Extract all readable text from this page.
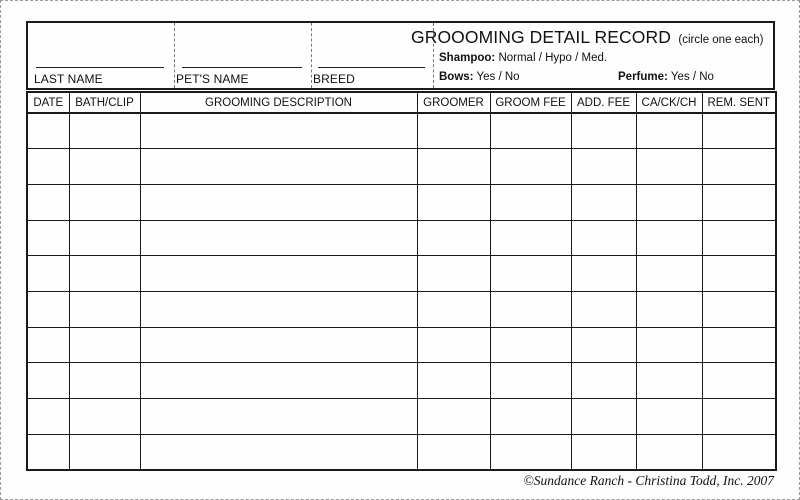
LAST NAME	PET'S NAME	BREED
GROOOMING DETAIL RECORD (circle one each)
Shampoo: Normal / Hypo / Med.
Bows: Yes / No	Perfume: Yes / No
DATE	BATH/CLIP	GROOMING DESCRIPTION	GROOMER	GROOM FEE	ADD. FEE	CA/CK/CH	REM. SENT

©Sundance Ranch - Christina Todd, Inc. 2007
